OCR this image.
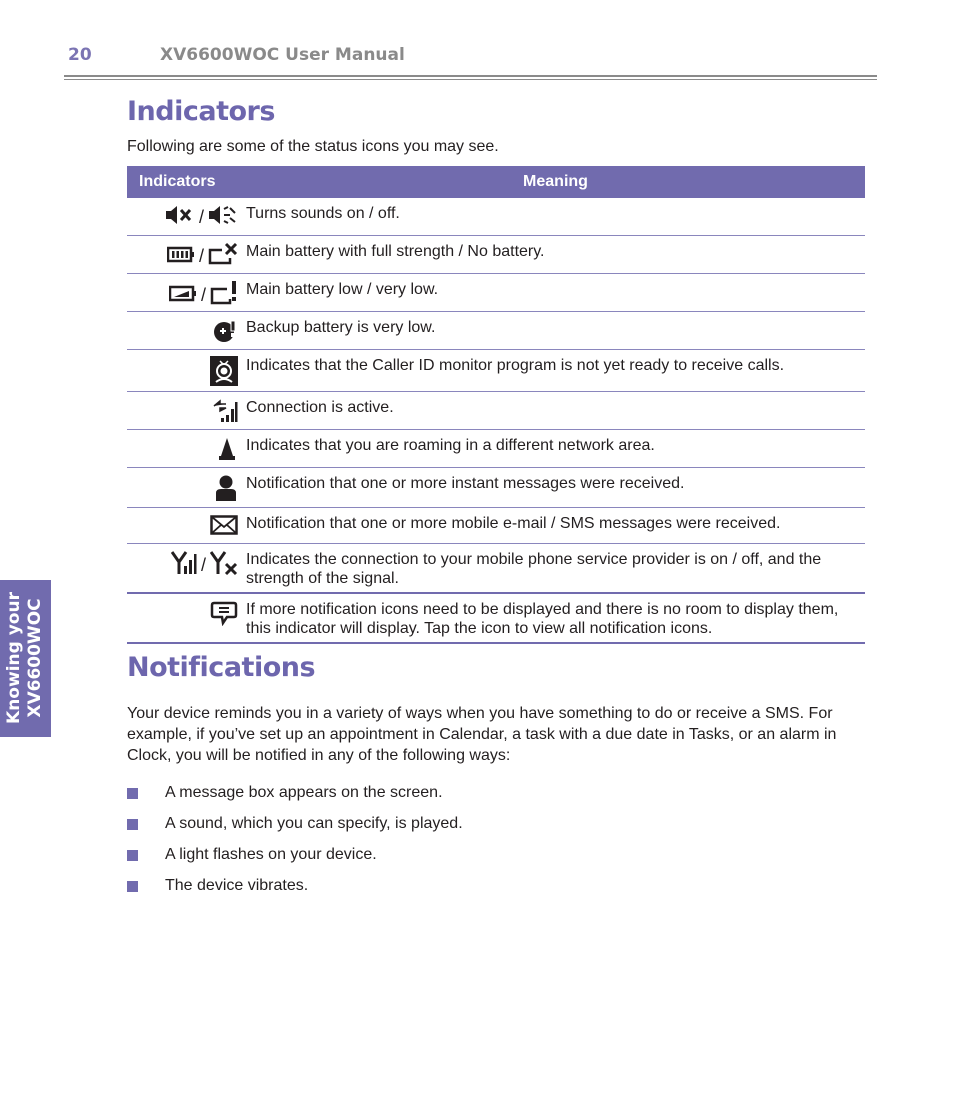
20	XV6600WOC User Manual
Knowing your XV6600WOC
Indicators
Following are some of the status icons you may see.
Indicators	Meaning
/	Turns sounds on / off.
/	Main battery with full strength / No battery.
/	Main battery low / very low.
	Backup battery is very low.
	Indicates that the Caller ID monitor program is not yet ready to receive calls.
	Connection is active.
	Indicates that you are roaming in a different network area.
	Notification that one or more instant messages were received.
	Notification that one or more mobile e-mail / SMS messages were received.
/	Indicates the connection to your mobile phone service provider is on / off, and the strength of the signal.
	If more notification icons need to be displayed and there is no room to display them, this indicator will display. Tap the icon to view all notification icons.
Notifications

Your device reminds you in a variety of ways when you have something to do or receive a SMS. For example, if you’ve set up an appointment in Calendar, a task with a due date in Tasks, or an alarm in Clock, you will be notified in any of the following ways:

A message box appears on the screen.
A sound, which you can specify, is played.
A light flashes on your device.
The device vibrates.
